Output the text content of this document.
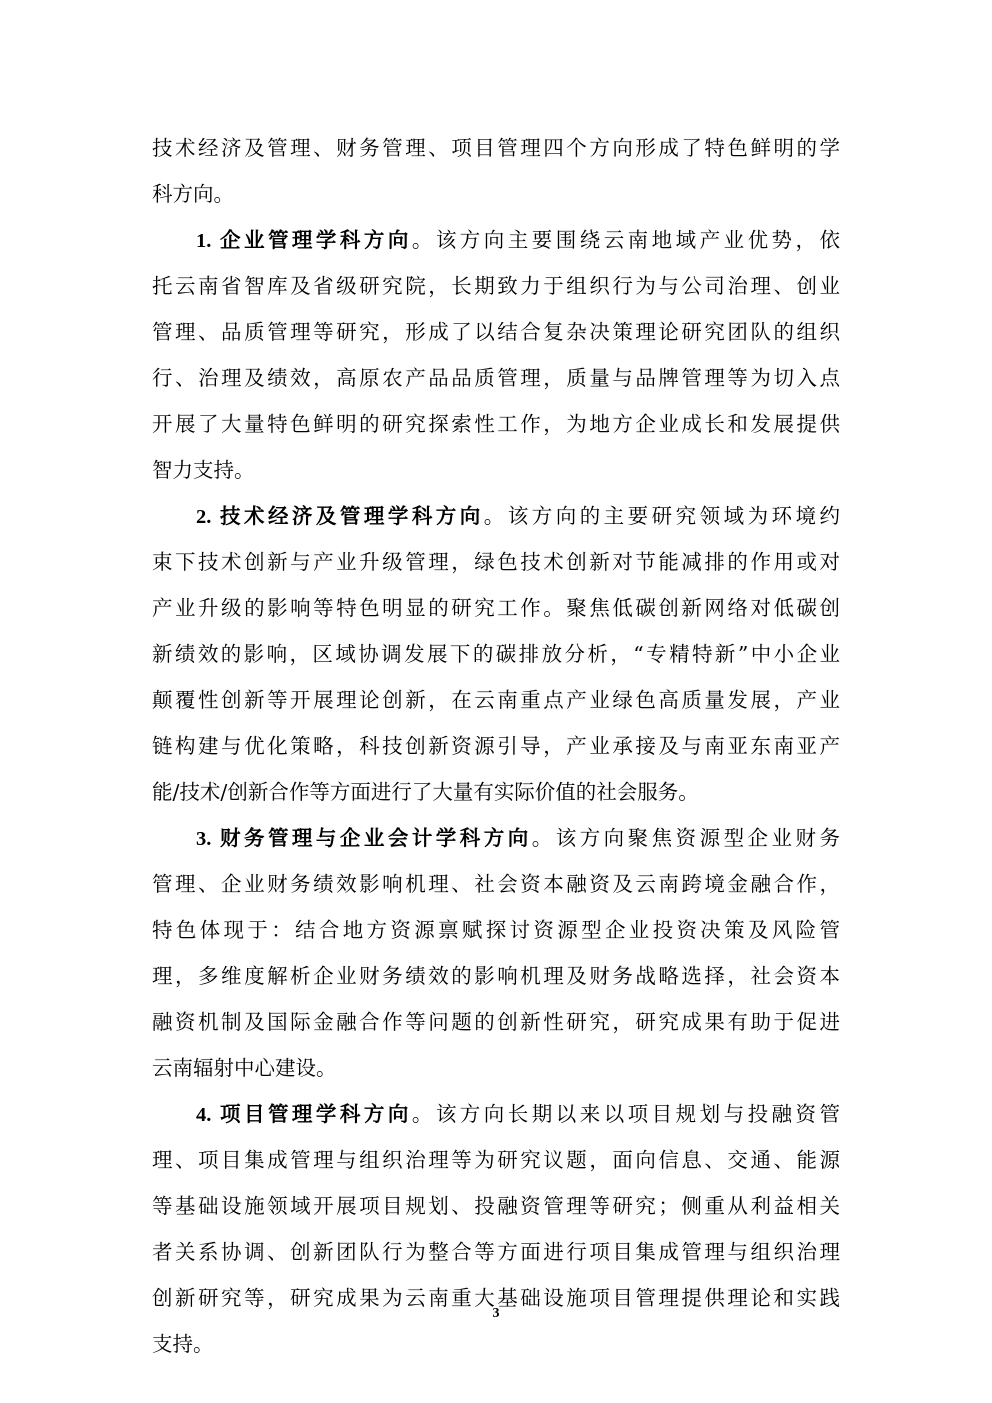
技术经济及管理、财务管理、项目管理四个方向形成了特色鲜明的学
科方向。
1. 企业管理学科方向。该方向主要围绕云南地域产业优势，依
托云南省智库及省级研究院，长期致力于组织行为与公司治理、创业
管理、品质管理等研究，形成了以结合复杂决策理论研究团队的组织
行、治理及绩效，高原农产品品质管理，质量与品牌管理等为切入点
开展了大量特色鲜明的研究探索性工作，为地方企业成长和发展提供
智力支持。
2. 技术经济及管理学科方向。该方向的主要研究领域为环境约
束下技术创新与产业升级管理，绿色技术创新对节能减排的作用或对
产业升级的影响等特色明显的研究工作。聚焦低碳创新网络对低碳创
新绩效的影响，区域协调发展下的碳排放分析，“专精特新”中小企业
颠覆性创新等开展理论创新，在云南重点产业绿色高质量发展，产业
链构建与优化策略，科技创新资源引导，产业承接及与南亚东南亚产
能/技术/创新合作等方面进行了大量有实际价值的社会服务。
3. 财务管理与企业会计学科方向。该方向聚焦资源型企业财务
管理、企业财务绩效影响机理、社会资本融资及云南跨境金融合作，
特色体现于：结合地方资源禀赋探讨资源型企业投资决策及风险管
理，多维度解析企业财务绩效的影响机理及财务战略选择，社会资本
融资机制及国际金融合作等问题的创新性研究，研究成果有助于促进
云南辐射中心建设。
4. 项目管理学科方向。该方向长期以来以项目规划与投融资管
理、项目集成管理与组织治理等为研究议题，面向信息、交通、能源
等基础设施领域开展项目规划、投融资管理等研究；侧重从利益相关
者关系协调、创新团队行为整合等方面进行项目集成管理与组织治理
创新研究等，研究成果为云南重大基础设施项目管理提供理论和实践
支持。
3
